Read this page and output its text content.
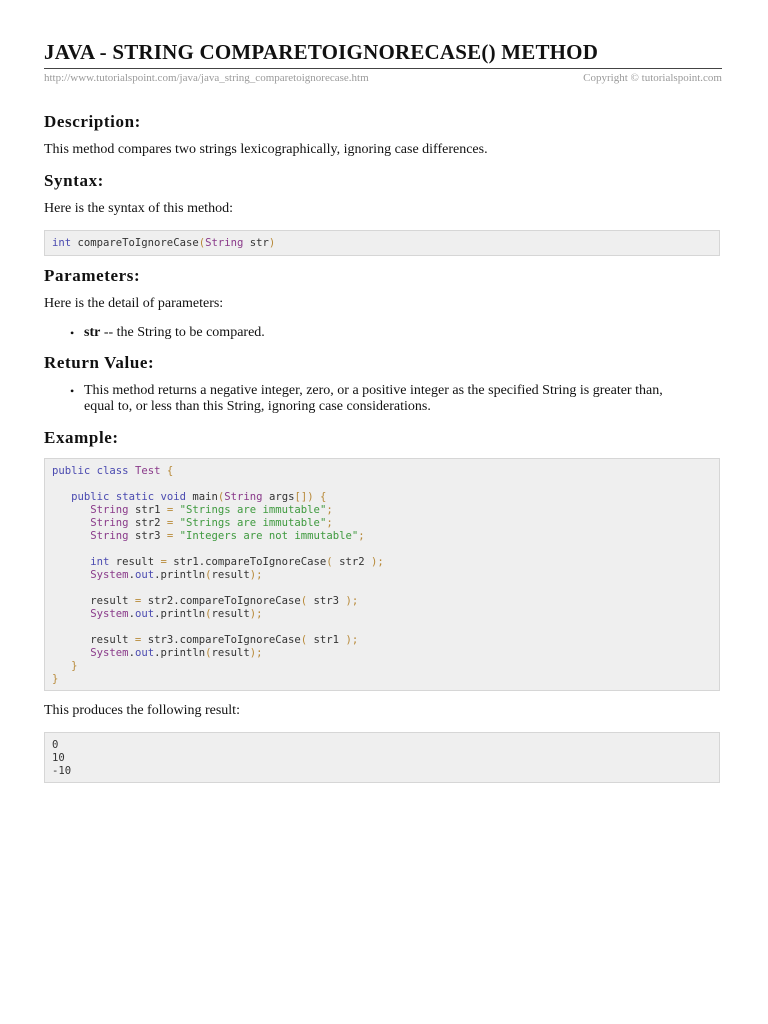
JAVA - STRING COMPARETOIGNORECASE() METHOD
http://www.tutorialspoint.com/java/java_string_comparetoignorecase.htm	Copyright © tutorialspoint.com
Description:

This method compares two strings lexicographically, ignoring case differences.

Syntax:

Here is the syntax of this method:

int compareToIgnoreCase(String str)
Parameters:

Here is the detail of parameters:

• str -- the String to be compared.
Return Value:
• This method returns a negative integer, zero, or a positive integer as the specified String is greater than,
equal to, or less than this String, ignoring case considerations.
Example:
public class Test {
public static void main(String args[]) {
String str1 = "Strings are immutable";
String str2 = "Strings are immutable";
String str3 = "Integers are not immutable";
int result = str1.compareToIgnoreCase( str2 );
System.out.println(result);
result = str2.compareToIgnoreCase( str3 );
System.out.println(result);
result = str3.compareToIgnoreCase( str1 );
System.out.println(result);
}
}

This produces the following result:

0
10
-10
